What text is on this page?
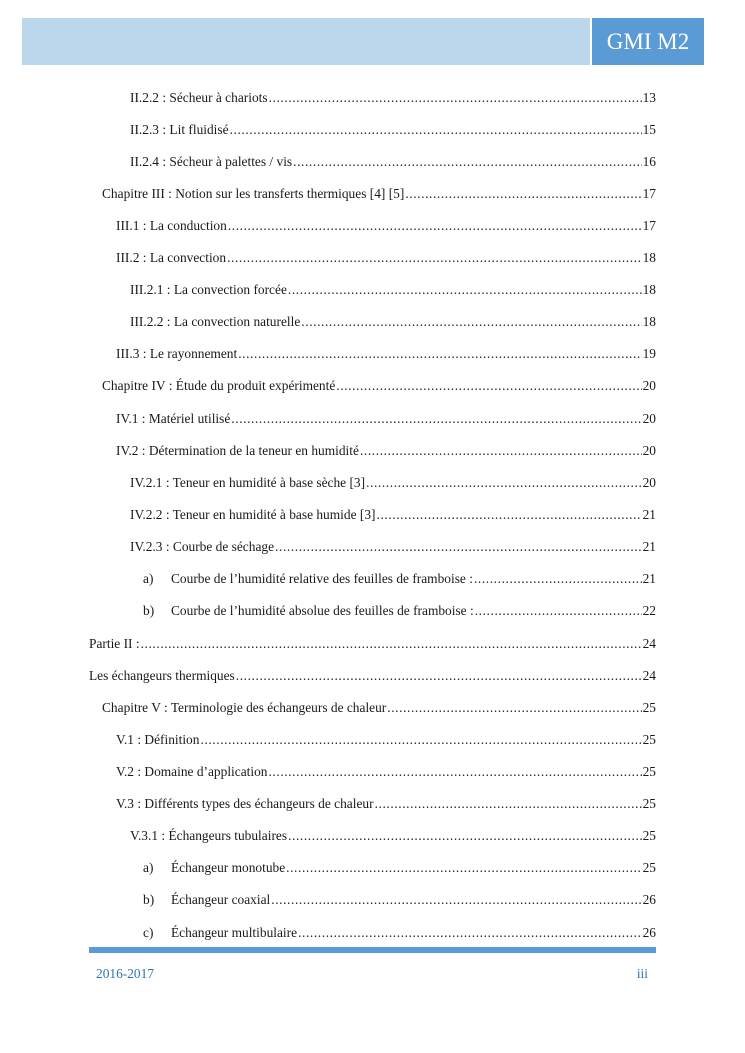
GMI M2
II.2.2 : Sécheur à chariots .....	13
II.2.3 : Lit fluidisé .....	15
II.2.4 : Sécheur à palettes / vis .....	16
Chapitre III : Notion sur les transferts thermiques [4] [5] .....	17
III.1 : La conduction .....	17
III.2 : La convection .....	18
III.2.1 : La convection forcée .....	18
III.2.2 : La convection naturelle .....	18
III.3 : Le rayonnement .....	19
Chapitre IV : Étude du produit expérimenté .....	20
IV.1 : Matériel utilisé .....	20
IV.2 : Détermination de la teneur en humidité .....	20
IV.2.1 : Teneur en humidité à base sèche [3] .....	20
IV.2.2 : Teneur en humidité à base humide [3] .....	21
IV.2.3 : Courbe de séchage .....	21
a) Courbe de l’humidité relative des feuilles de framboise : .....	21
b) Courbe de l’humidité absolue des feuilles de framboise : .....	22
Partie II : .....	24
Les échangeurs thermiques .....	24
Chapitre V : Terminologie des échangeurs de chaleur .....	25
V.1 : Définition .....	25
V.2 : Domaine d’application .....	25
V.3 : Différents types des échangeurs de chaleur .....	25
V.3.1 : Échangeurs tubulaires .....	25
a) Échangeur monotube .....	25
b) Échangeur coaxial .....	26
c) Échangeur multibulaire .....	26
2016-2017	iii
